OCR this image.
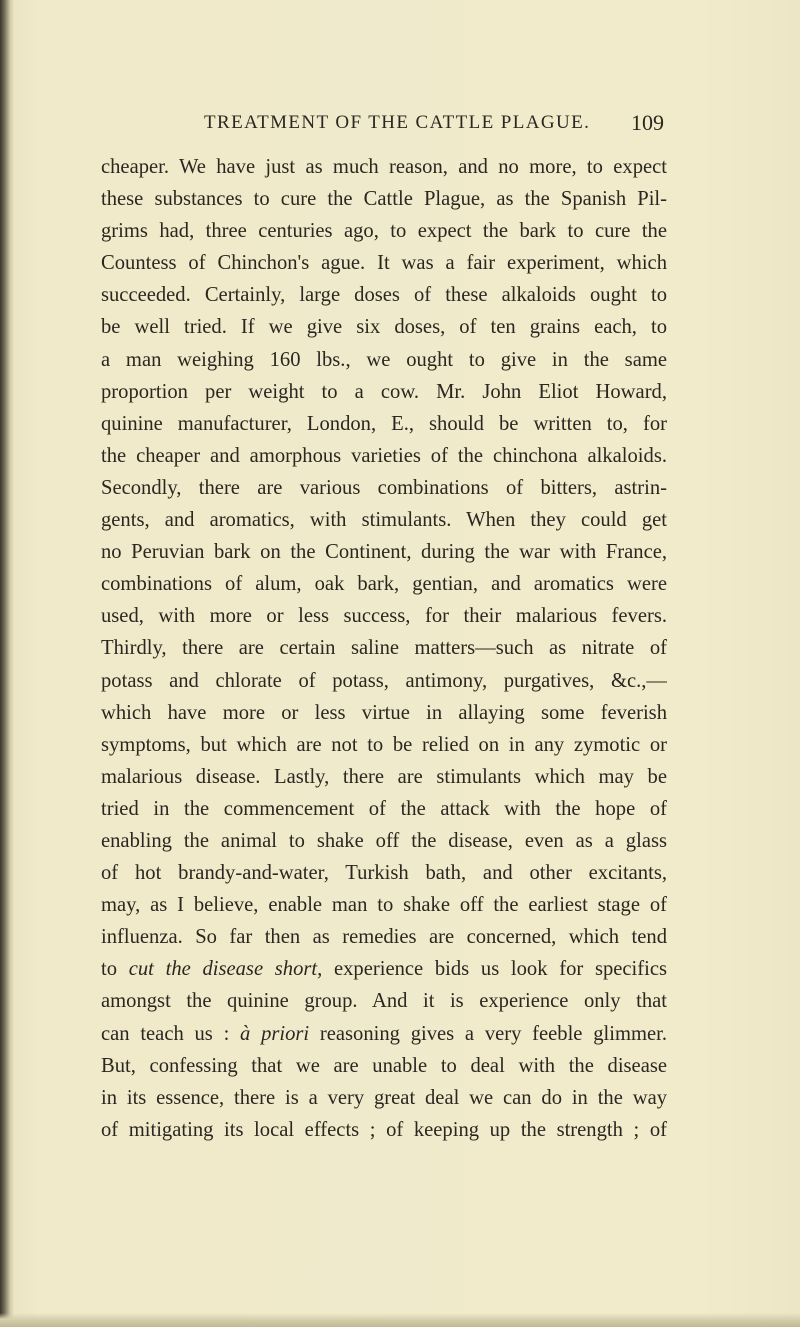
TREATMENT OF THE CATTLE PLAGUE. 109
cheaper. We have just as much reason, and no more, to expect
these substances to cure the Cattle Plague, as the Spanish Pil-
grims had, three centuries ago, to expect the bark to cure the
Countess of Chinchon's ague. It was a fair experiment, which
succeeded. Certainly, large doses of these alkaloids ought to
be well tried. If we give six doses, of ten grains each, to
a man weighing 160 lbs., we ought to give in the same
proportion per weight to a cow. Mr. John Eliot Howard,
quinine manufacturer, London, E., should be written to, for
the cheaper and amorphous varieties of the chinchona alkaloids.
Secondly, there are various combinations of bitters, astrin-
gents, and aromatics, with stimulants. When they could get
no Peruvian bark on the Continent, during the war with France,
combinations of alum, oak bark, gentian, and aromatics were
used, with more or less success, for their malarious fevers.
Thirdly, there are certain saline matters—such as nitrate of
potass and chlorate of potass, antimony, purgatives, &c.,—
which have more or less virtue in allaying some feverish
symptoms, but which are not to be relied on in any zymotic or
malarious disease. Lastly, there are stimulants which may be
tried in the commencement of the attack with the hope of
enabling the animal to shake off the disease, even as a glass
of hot brandy-and-water, Turkish bath, and other excitants,
may, as I believe, enable man to shake off the earliest stage of
influenza. So far then as remedies are concerned, which tend
to cut the disease short, experience bids us look for specifics
amongst the quinine group. And it is experience only that
can teach us : à priori reasoning gives a very feeble glimmer.
But, confessing that we are unable to deal with the disease
in its essence, there is a very great deal we can do in the way
of mitigating its local effects ; of keeping up the strength ; of
